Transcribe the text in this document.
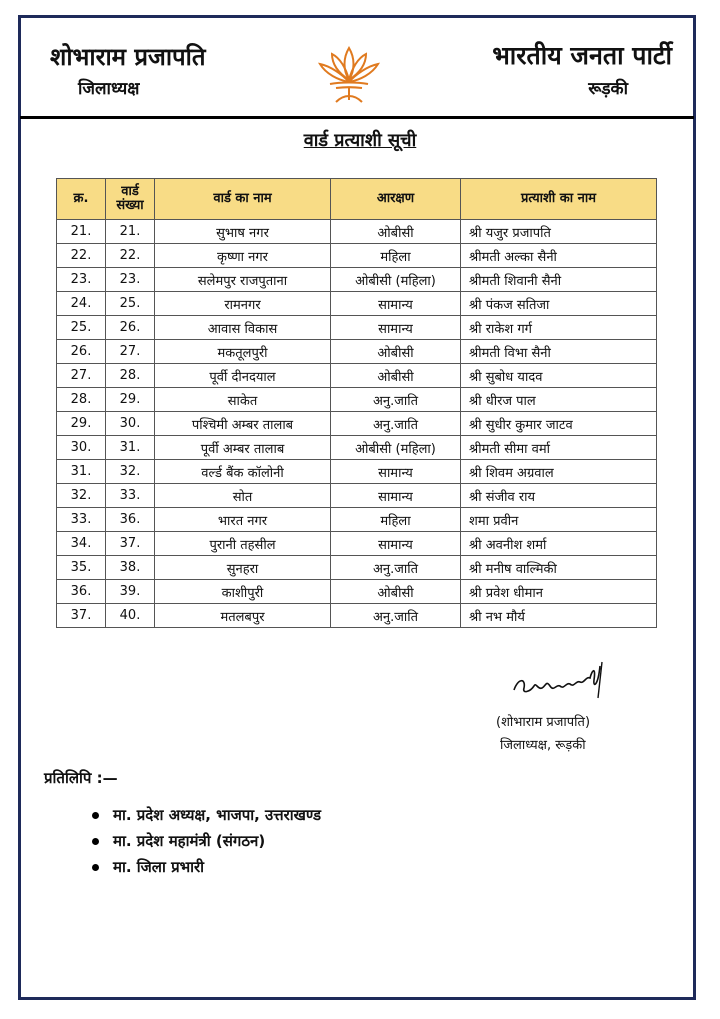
शोभाराम प्रजापति
जिलाध्यक्ष
भारतीय जनता पार्टी
रूड़की
वार्ड प्रत्याशी सूची
क्र.	वार्ड संख्या	वार्ड का नाम	आरक्षण	प्रत्याशी का नाम
21.	21.	सुभाष नगर	ओबीसी	श्री यजुर प्रजापति
22.	22.	कृष्णा नगर	महिला	श्रीमती अल्का सैनी
23.	23.	सलेमपुर राजपुताना	ओबीसी (महिला)	श्रीमती शिवानी सैनी
24.	25.	रामनगर	सामान्य	श्री पंकज सतिजा
25.	26.	आवास विकास	सामान्य	श्री राकेश गर्ग
26.	27.	मकतूलपुरी	ओबीसी	श्रीमती विभा सैनी
27.	28.	पूर्वी दीनदयाल	ओबीसी	श्री सुबोध यादव
28.	29.	साकेत	अनु.जाति	श्री धीरज पाल
29.	30.	पश्चिमी अम्बर तालाब	अनु.जाति	श्री सुधीर कुमार जाटव
30.	31.	पूर्वी अम्बर तालाब	ओबीसी (महिला)	श्रीमती सीमा वर्मा
31.	32.	वर्ल्ड बैंक कॉलोनी	सामान्य	श्री शिवम अग्रवाल
32.	33.	सोत	सामान्य	श्री संजीव राय
33.	36.	भारत नगर	महिला	शमा प्रवीन
34.	37.	पुरानी तहसील	सामान्य	श्री अवनीश शर्मा
35.	38.	सुनहरा	अनु.जाति	श्री मनीष वाल्मिकी
36.	39.	काशीपुरी	ओबीसी	श्री प्रवेश धीमान
37.	40.	मतलबपुर	अनु.जाति	श्री नभ मौर्य
(शोभाराम प्रजापति)
जिलाध्यक्ष, रूड़की
प्रतिलिपि :—
मा. प्रदेश अध्यक्ष, भाजपा, उत्तराखण्ड
मा. प्रदेश महामंत्री (संगठन)
मा. जिला प्रभारी
